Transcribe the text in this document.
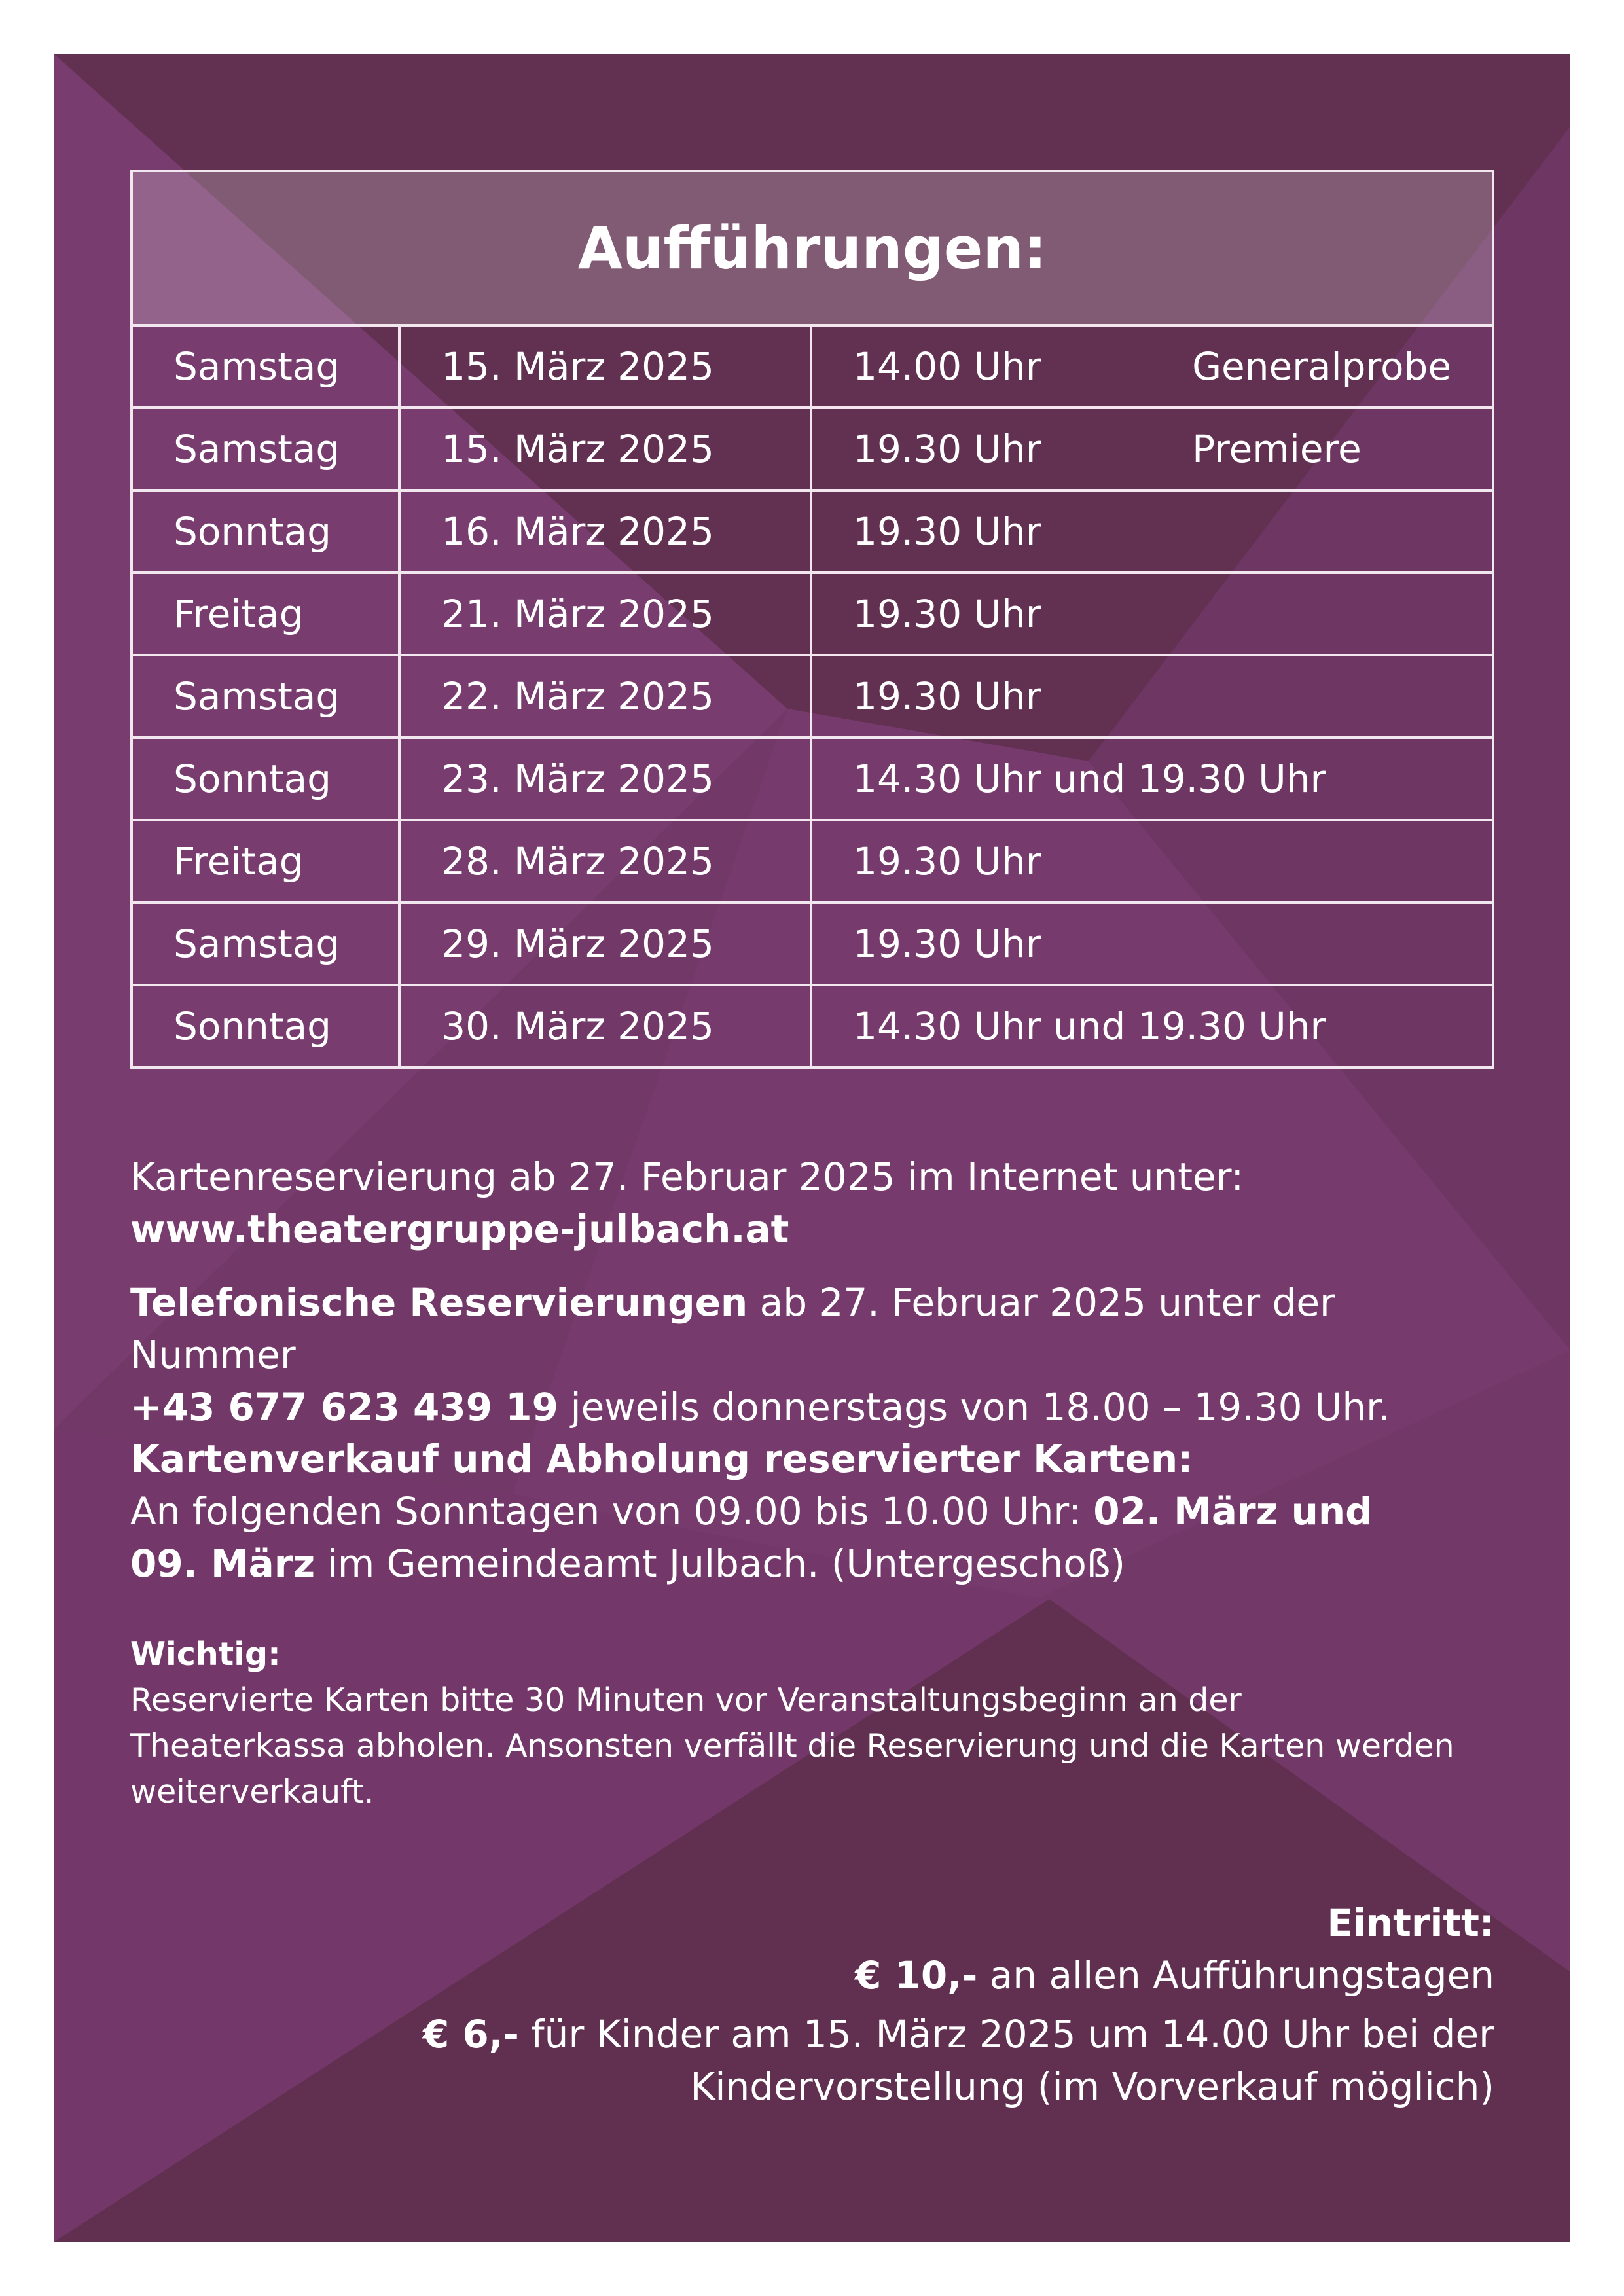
Aufführungen:		
Samstag	15. März 2025	14.00 Uhr Generalprobe

Samstag	15. März 2025	19.30 Uhr Premiere

Sonntag	16. März 2025	19.30 Uhr
Freitag	21. März 2025	19.30 Uhr
Samstag	22. März 2025	19.30 Uhr
Sonntag	23. März 2025	14.30 Uhr und 19.30 Uhr
Freitag	28. März 2025	19.30 Uhr
Samstag	29. März 2025	19.30 Uhr
Sonntag	30. März 2025	14.30 Uhr und 19.30 Uhr
Kartenreservierung ab 27. Februar 2025 im Internet unter:
www.theatergruppe-julbach.at
Telefonische Reservierungen ab 27. Februar 2025 unter der Nummer
+43 677 623 439 19 jeweils donnerstags von 18.00 – 19.30 Uhr.
Kartenverkauf und Abholung reservierter Karten:
An folgenden Sonntagen von 09.00 bis 10.00 Uhr: 02. März und
09. März im Gemeindeamt Julbach. (Untergeschoß)
Wichtig:
Reservierte Karten bitte 30 Minuten vor Veranstaltungsbeginn an der
Theaterkassa abholen. Ansonsten verfällt die Reservierung und die Karten werden
weiterverkauft.
Eintritt:
€ 10,- an allen Aufführungstagen
€ 6,- für Kinder am 15. März 2025 um 14.00 Uhr bei der
Kindervorstellung (im Vorverkauf möglich)
